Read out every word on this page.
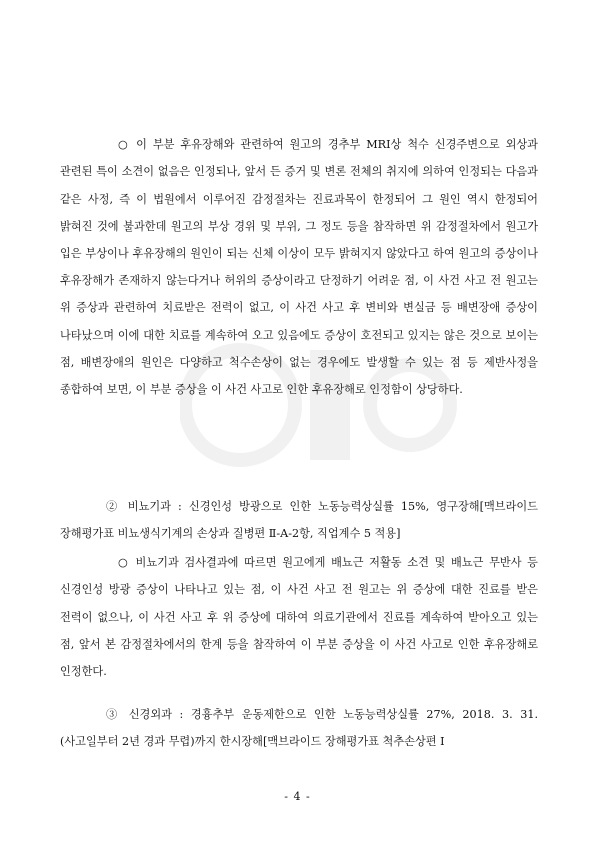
○ 이 부분 후유장해와 관련하여 원고의 경추부 MRI상 척수 신경주변으로 외상과 관련된 특이 소견이 없음은 인정되나, 앞서 든 증거 및 변론 전체의 취지에 의하여 인정되는 다음과 같은 사정, 즉 이 법원에서 이루어진 감정절차는 진료과목이 한정되어 그 원인 역시 한정되어 밝혀진 것에 불과한데 원고의 부상 경위 및 부위, 그 정도 등을 참작하면 위 감정절차에서 원고가 입은 부상이나 후유장해의 원인이 되는 신체 이상이 모두 밝혀지지 않았다고 하여 원고의 증상이나 후유장해가 존재하지 않는다거나 허위의 증상이라고 단정하기 어려운 점, 이 사건 사고 전 원고는 위 증상과 관련하여 치료받은 전력이 없고, 이 사건 사고 후 변비와 변실금 등 배변장애 증상이 나타났으며 이에 대한 치료를 계속하여 오고 있음에도 증상이 호전되고 있지는 않은 것으로 보이는 점, 배변장애의 원인은 다양하고 척수손상이 없는 경우에도 발생할 수 있는 점 등 제반사정을 종합하여 보면, 이 부분 증상을 이 사건 사고로 인한 후유장해로 인정함이 상당하다.

② 비뇨기과 : 신경인성 방광으로 인한 노동능력상실률 15%, 영구장해[맥브라이드 장해평가표 비뇨생식기계의 손상과 질병편 Ⅱ-A-2항, 직업계수 5 적용]

○ 비뇨기과 검사결과에 따르면 원고에게 배뇨근 저활동 소견 및 배뇨근 무반사 등 신경인성 방광 증상이 나타나고 있는 점, 이 사건 사고 전 원고는 위 증상에 대한 진료를 받은 전력이 없으나, 이 사건 사고 후 위 증상에 대하여 의료기관에서 진료를 계속하여 받아오고 있는 점, 앞서 본 감정절차에서의 한계 등을 참작하여 이 부분 증상을 이 사건 사고로 인한 후유장해로 인정한다.

③ 신경외과 : 경흉추부 운동제한으로 인한 노동능력상실률 27%, 2018. 3. 31.(사고일부터 2년 경과 무렵)까지 한시장해[맥브라이드 장해평가표 척추손상편 Ⅰ

- 4 -
